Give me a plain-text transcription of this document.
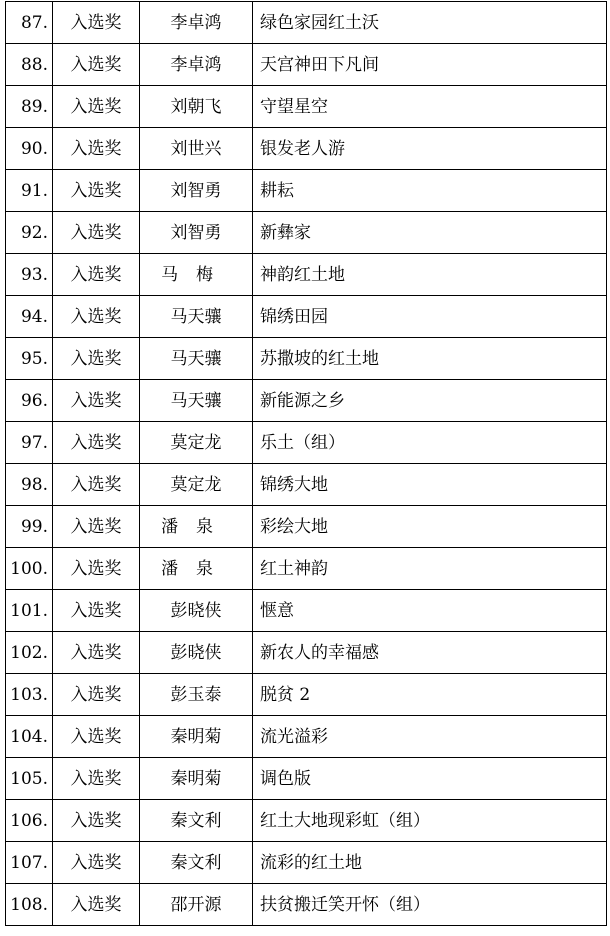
87.	入选奖	李卓鸿	绿色家园红土沃
88.	入选奖	李卓鸿	天宫神田下凡间
89.	入选奖	刘朝飞	守望星空
90.	入选奖	刘世兴	银发老人游
91.	入选奖	刘智勇	耕耘
92.	入选奖	刘智勇	新彝家
93.	入选奖	马梅	神韵红土地
94.	入选奖	马天骧	锦绣田园
95.	入选奖	马天骧	苏撒坡的红土地
96.	入选奖	马天骧	新能源之乡
97.	入选奖	莫定龙	乐土（组）
98.	入选奖	莫定龙	锦绣大地
99.	入选奖	潘泉	彩绘大地
100.	入选奖	潘泉	红土神韵
101.	入选奖	彭晓侠	惬意
102.	入选奖	彭晓侠	新农人的幸福感
103.	入选奖	彭玉泰	脱贫 2
104.	入选奖	秦明菊	流光溢彩
105.	入选奖	秦明菊	调色版
106.	入选奖	秦文利	红土大地现彩虹（组）
107.	入选奖	秦文利	流彩的红土地
108.	入选奖	邵开源	扶贫搬迁笑开怀（组）
